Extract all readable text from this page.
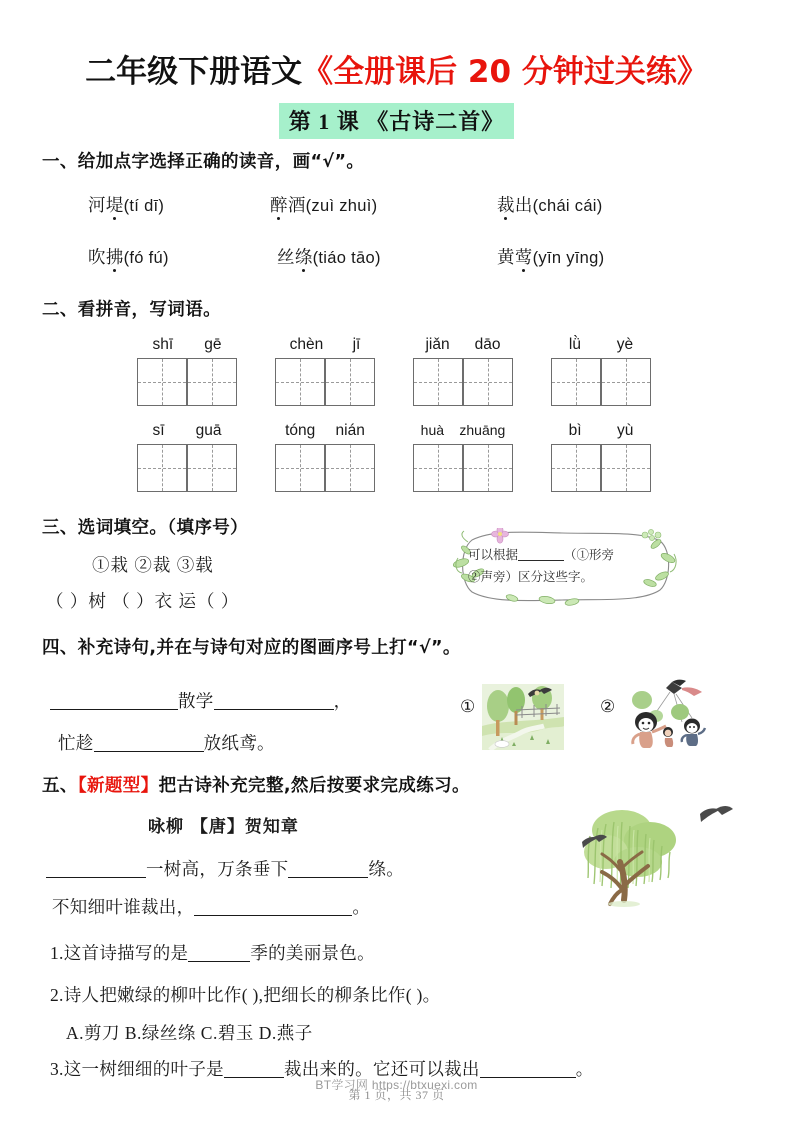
二年级下册语文《全册课后 20 分钟过关练》
第 1 课 《古诗二首》
一、给加点字选择正确的读音，画“√”。
河堤(tí dī)	醉酒(zuì zhuì)	裁出(chái cái)
吹拂(fó fú)	丝绦(tiáo tāo)	黄莺(yīn yīng)
二、看拼音，写词语。
shī gē	chèn jī	jiǎn dāo	lǜ yè
sī guā	tóng nián	huà zhuāng	bì yù
三、选词填空。（填序号）
①栽 ②裁 ③载
（ ）树 （ ）衣 运（ ）
可以根据	（①形旁
②声旁）区分这些字。
四、补充诗句,并在与诗句对应的图画序号上打“√”。
散学	，
忙趁	放纸鸢。
①	②
五、【新题型】把古诗补充完整,然后按要求完成练习。
咏柳 【唐】贺知章
一树高，万条垂下	绦。
不知细叶谁裁出，	。
1.这首诗描写的是	季的美丽景色。
2.诗人把嫩绿的柳叶比作( ),把细长的柳条比作( )。
A.剪刀 B.绿丝绦 C.碧玉 D.燕子
3.这一树细细的叶子是	裁出来的。它还可以裁出	。
BT学习网 https://btxuexi.com
第 1 页，共 37 页
